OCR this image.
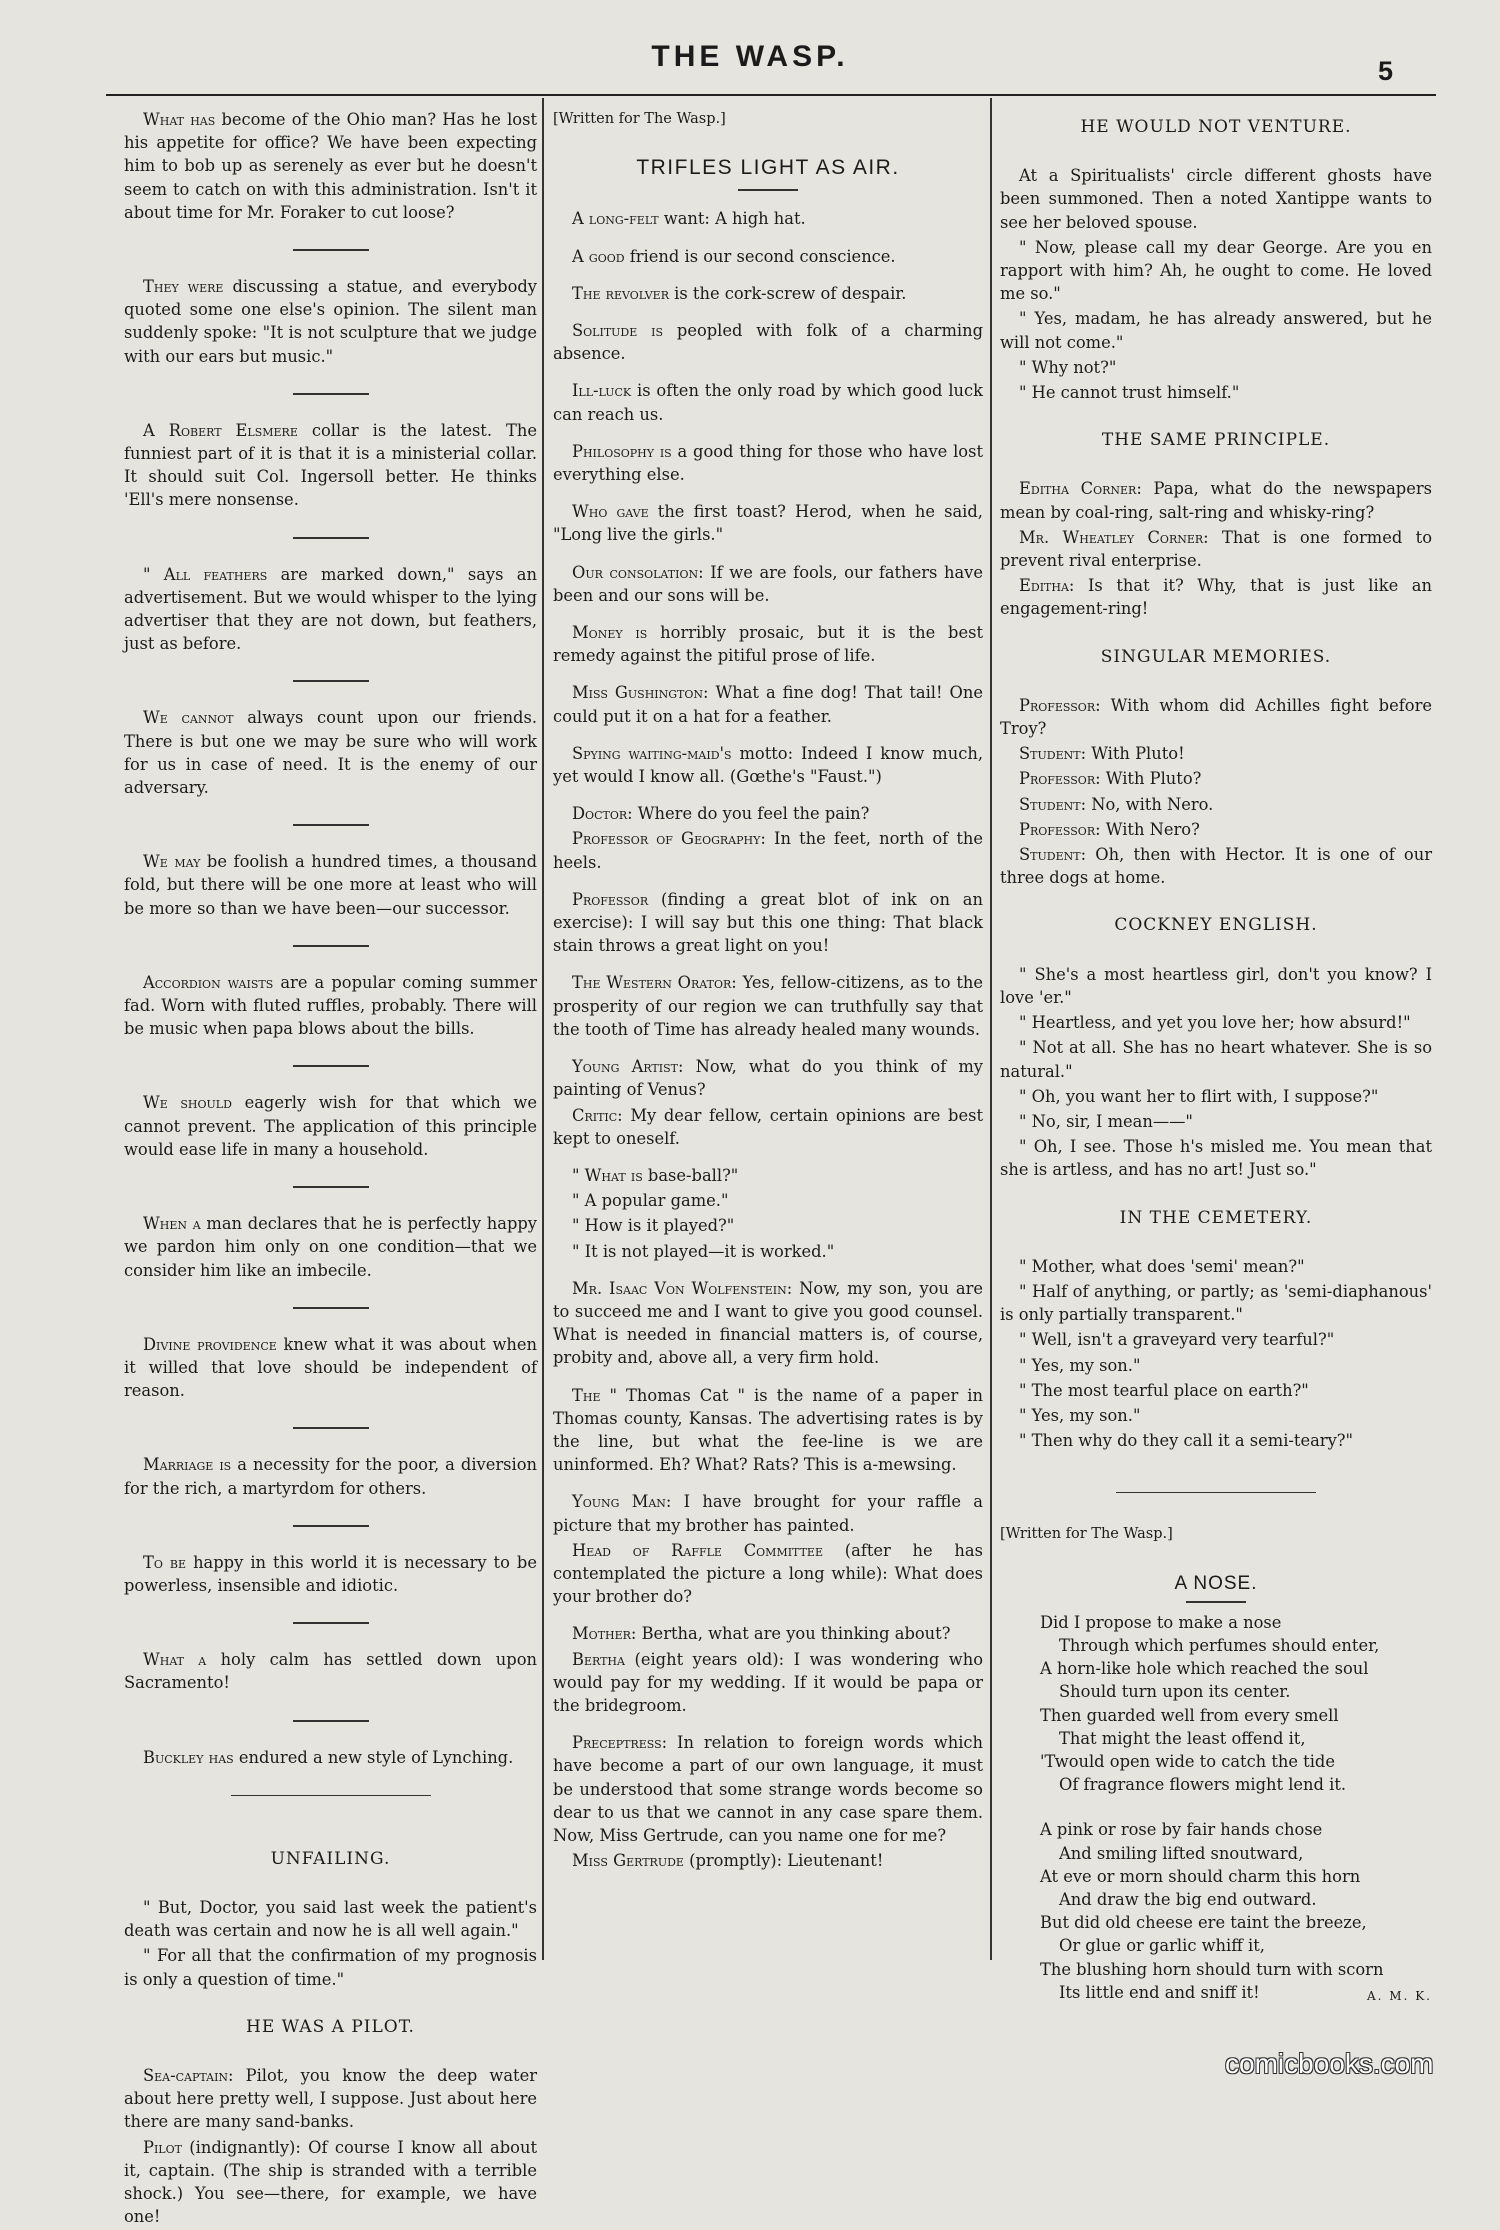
THE WASP.	5

What has become of the Ohio man? Has he lost his appetite for office? We have been expecting him to bob up as serenely as ever but he doesn't seem to catch on with this administration. Isn't it about time for Mr. Foraker to cut loose?

They were discussing a statue, and everybody quoted some one else's opinion. The silent man suddenly spoke: "It is not sculpture that we judge with our ears but music."

A Robert Elsmere collar is the latest. The funniest part of it is that it is a ministerial collar. It should suit Col. Ingersoll better. He thinks 'Ell's mere nonsense.

" All feathers are marked down," says an advertisement. But we would whisper to the lying advertiser that they are not down, but feathers, just as before.

We cannot always count upon our friends. There is but one we may be sure who will work for us in case of need. It is the enemy of our adversary.

We may be foolish a hundred times, a thousand fold, but there will be one more at least who will be more so than we have been—our successor.

Accordion waists are a popular coming summer fad. Worn with fluted ruffles, probably. There will be music when papa blows about the bills.

We should eagerly wish for that which we cannot prevent. The application of this principle would ease life in many a household.

When a man declares that he is perfectly happy we pardon him only on one condition—that we consider him like an imbecile.

Divine providence knew what it was about when it willed that love should be independent of reason.

Marriage is a necessity for the poor, a diversion for the rich, a martyrdom for others.

To be happy in this world it is necessary to be powerless, insensible and idiotic.

What a holy calm has settled down upon Sacramento!

Buckley has endured a new style of Lynching.

UNFAILING.

" But, Doctor, you said last week the patient's death was certain and now he is all well again."

" For all that the confirmation of my prognosis is only a question of time."

HE WAS A PILOT.

Sea-captain: Pilot, you know the deep water about here pretty well, I suppose. Just about here there are many sand-banks.

Pilot (indignantly): Of course I know all about it, captain. (The ship is stranded with a terrible shock.) You see—there, for example, we have one!

[Written for The Wasp.]

TRIFLES LIGHT AS AIR.

A long-felt want: A high hat.

A good friend is our second conscience.

The revolver is the cork-screw of despair.

Solitude is peopled with folk of a charming absence.

Ill-luck is often the only road by which good luck can reach us.

Philosophy is a good thing for those who have lost everything else.

Who gave the first toast? Herod, when he said, "Long live the girls."

Our consolation: If we are fools, our fathers have been and our sons will be.

Money is horribly prosaic, but it is the best remedy against the pitiful prose of life.

Miss Gushington: What a fine dog! That tail! One could put it on a hat for a feather.

Spying waiting-maid's motto: Indeed I know much, yet would I know all. (Gœthe's "Faust.")

Doctor: Where do you feel the pain?

Professor of Geography: In the feet, north of the heels.

Professor (finding a great blot of ink on an exercise): I will say but this one thing: That black stain throws a great light on you!

The Western Orator: Yes, fellow-citizens, as to the prosperity of our region we can truthfully say that the tooth of Time has already healed many wounds.

Young Artist: Now, what do you think of my painting of Venus?

Critic: My dear fellow, certain opinions are best kept to oneself.

" What is base-ball?"

" A popular game."

" How is it played?"

" It is not played—it is worked."

Mr. Isaac Von Wolfenstein: Now, my son, you are to succeed me and I want to give you good counsel. What is needed in financial matters is, of course, probity and, above all, a very firm hold.

The " Thomas Cat " is the name of a paper in Thomas county, Kansas. The advertising rates is by the line, but what the fee-line is we are uninformed. Eh? What? Rats? This is a-mewsing.

Young Man: I have brought for your raffle a picture that my brother has painted.

Head of Raffle Committee (after he has contemplated the picture a long while): What does your brother do?

Mother: Bertha, what are you thinking about?

Bertha (eight years old): I was wondering who would pay for my wedding. If it would be papa or the bridegroom.

Preceptress: In relation to foreign words which have become a part of our own language, it must be understood that some strange words become so dear to us that we cannot in any case spare them. Now, Miss Gertrude, can you name one for me?

Miss Gertrude (promptly): Lieutenant!

HE WOULD NOT VENTURE.

At a Spiritualists' circle different ghosts have been summoned. Then a noted Xantippe wants to see her beloved spouse.

" Now, please call my dear George. Are you en rapport with him? Ah, he ought to come. He loved me so."

" Yes, madam, he has already answered, but he will not come."

" Why not?"

" He cannot trust himself."

THE SAME PRINCIPLE.

Editha Corner: Papa, what do the newspapers mean by coal-ring, salt-ring and whisky-ring?

Mr. Wheatley Corner: That is one formed to prevent rival enterprise.

Editha: Is that it? Why, that is just like an engagement-ring!

SINGULAR MEMORIES.

Professor: With whom did Achilles fight before Troy?

Student: With Pluto!

Professor: With Pluto?

Student: No, with Nero.

Professor: With Nero?

Student: Oh, then with Hector. It is one of our three dogs at home.

COCKNEY ENGLISH.

" She's a most heartless girl, don't you know? I love 'er."

" Heartless, and yet you love her; how absurd!"

" Not at all. She has no heart whatever. She is so natural."

" Oh, you want her to flirt with, I suppose?"

" No, sir, I mean——"

" Oh, I see. Those h's misled me. You mean that she is artless, and has no art! Just so."

IN THE CEMETERY.

" Mother, what does 'semi' mean?"

" Half of anything, or partly; as 'semi-diaphanous' is only partially transparent."

" Well, isn't a graveyard very tearful?"

" Yes, my son."

" The most tearful place on earth?"

" Yes, my son."

" Then why do they call it a semi-teary?"

[Written for The Wasp.]

A NOSE.

Did I propose to make a nose

Through which perfumes should enter,

A horn-like hole which reached the soul

Should turn upon its center.

Then guarded well from every smell

That might the least offend it,

'Twould open wide to catch the tide

Of fragrance flowers might lend it.

A pink or rose by fair hands chose

And smiling lifted snoutward,

At eve or morn should charm this horn

And draw the big end outward.

But did old cheese ere taint the breeze,

Or glue or garlic whiff it,

The blushing horn should turn with scorn

Its little end and sniff it!	A. M. K.

comicbooks.com
